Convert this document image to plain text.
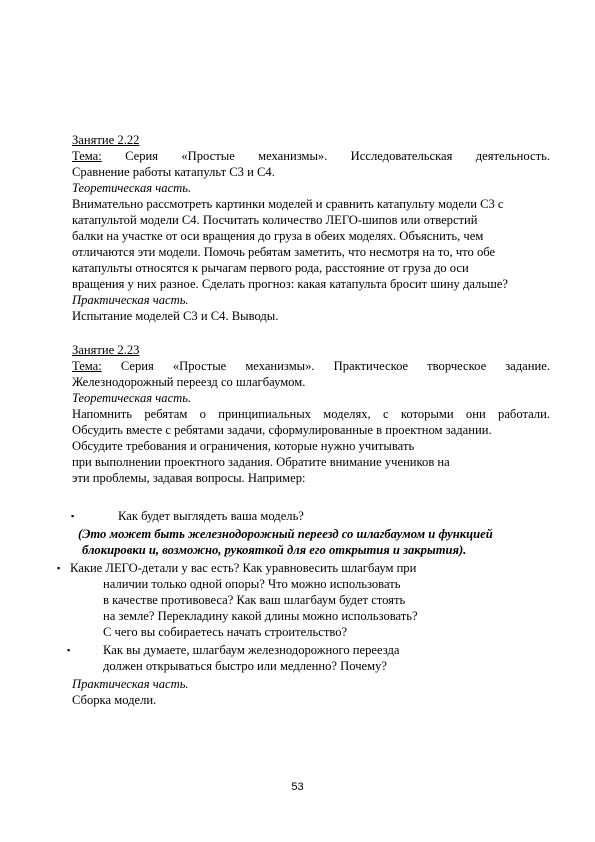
Занятие 2.22
Тема: Серия «Простые механизмы». Исследовательская деятельность.
Сравнение работы катапульт С3 и С4.
Теоретическая часть.
Внимательно рассмотреть картинки моделей и сравнить катапульту модели С3 с
катапультой модели С4. Посчитать количество ЛЕГО-шипов или отверстий
балки на участке от оси вращения до груза в обеих моделях. Объяснить, чем
отличаются эти модели. Помочь ребятам заметить, что несмотря на то, что обе
катапульты относятся к рычагам первого рода, расстояние от груза до оси
вращения у них разное. Сделать прогноз: какая катапульта бросит шину дальше?
Практическая часть.
Испытание моделей С3 и С4. Выводы.
Занятие 2.23
Тема: Серия «Простые механизмы». Практическое творческое задание.
Железнодорожный переезд со шлагбаумом.
Теоретическая часть.
Напомнить ребятам о принципиальных моделях, с которыми они работали.
Обсудить вместе с ребятами задачи, сформулированные в проектном задании.
Обсудите требования и ограничения, которые нужно учитывать
при выполнении проектного задания. Обратите внимание учеников на
эти проблемы, задавая вопросы. Например:
▪	Как будет выглядеть ваша модель?
(Это может быть железнодорожный переезд со шлагбаумом и функцией
блокировки и, возможно, рукояткой для его открытия и закрытия).
▪ Какие ЛЕГО-детали у вас есть? Как уравновесить шлагбаум при
наличии только одной опоры? Что можно использовать
в качестве противовеса? Как ваш шлагбаум будет стоять
на земле? Перекладину какой длины можно использовать?
С чего вы собираетесь начать строительство?
▪	Как вы думаете, шлагбаум железнодорожного переезда
должен открываться быстро или медленно? Почему?
Практическая часть.
Сборка модели.
53
